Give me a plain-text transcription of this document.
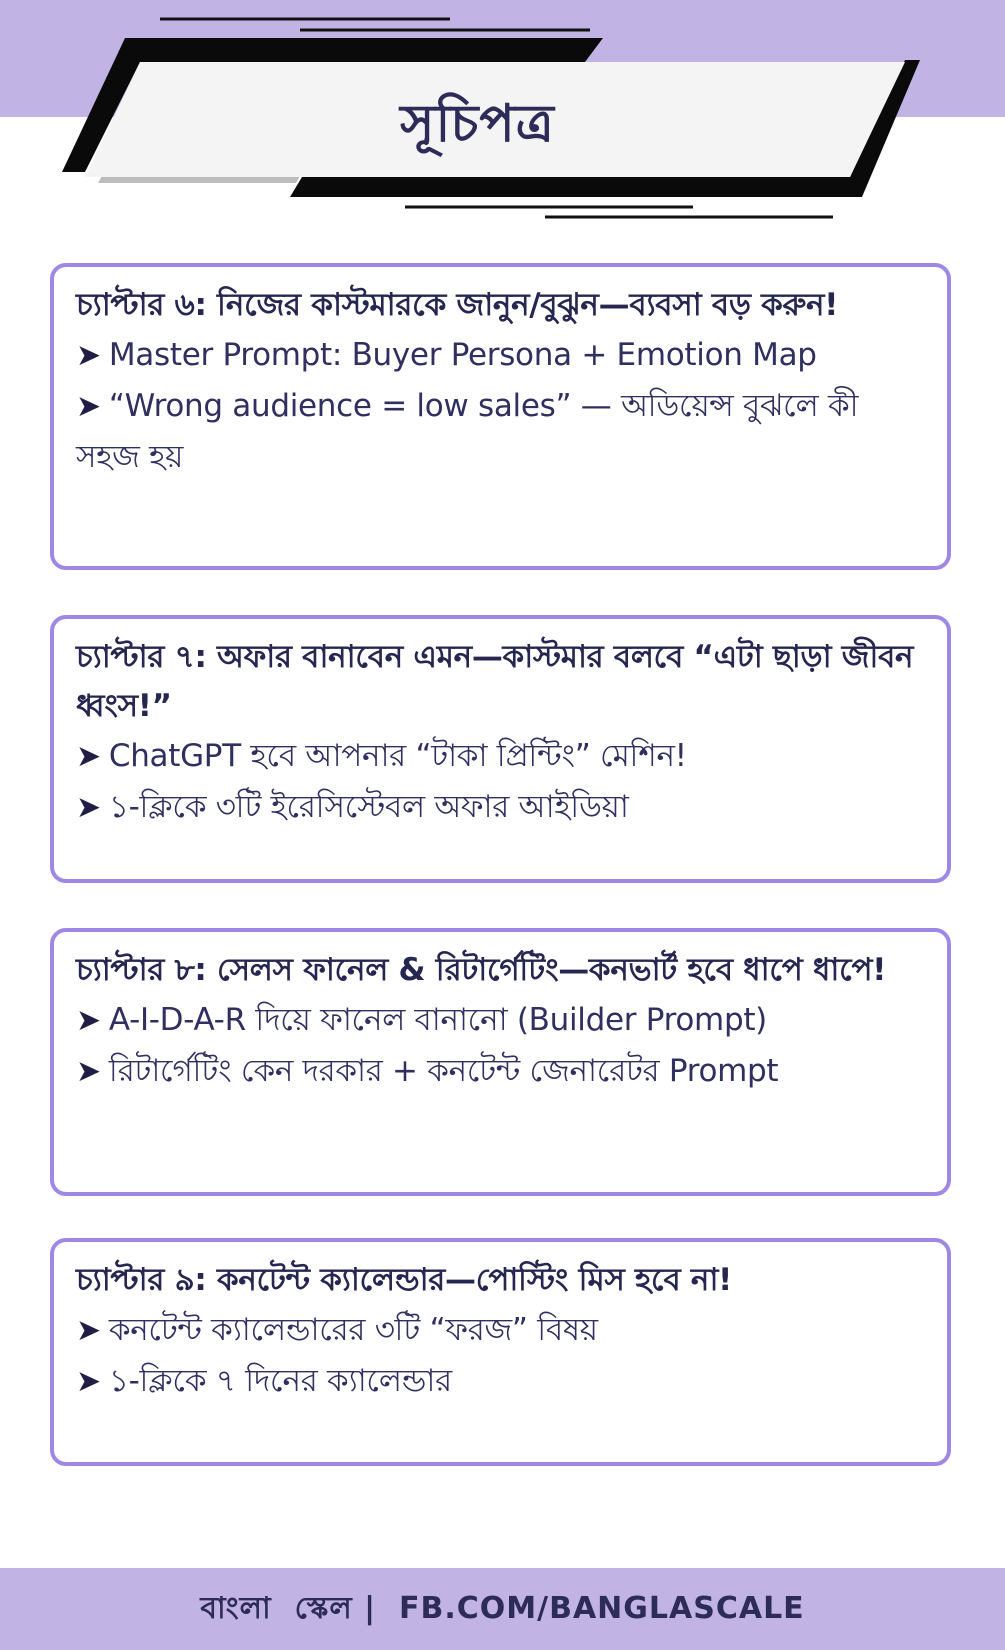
সূচিপত্র
চ্যাপ্টার ৬: নিজের কাস্টমারকে জানুন/বুঝুন—ব্যবসা বড় করুন!
➤ Master Prompt: Buyer Persona + Emotion Map
➤ “Wrong audience = low sales” — অডিয়েন্স বুঝলে কী সহজ হয়
চ্যাপ্টার ৭: অফার বানাবেন এমন—কাস্টমার বলবে “এটা ছাড়া জীবন ধ্বংস!”
➤ ChatGPT হবে আপনার “টাকা প্রিন্টিং” মেশিন!
➤ ১-ক্লিকে ৩টি ইরেসিস্টেবল অফার আইডিয়া
চ্যাপ্টার ৮: সেলস ফানেল & রিটার্গেটিং—কনভার্ট হবে ধাপে ধাপে!
➤ A-I-D-A-R দিয়ে ফানেল বানানো (Builder Prompt)
➤ রিটার্গেটিং কেন দরকার + কনটেন্ট জেনারেটর Prompt
চ্যাপ্টার ৯: কনটেন্ট ক্যালেন্ডার—পোস্টিং মিস হবে না!
➤ কনটেন্ট ক্যালেন্ডারের ৩টি “ফরজ” বিষয়
➤ ১-ক্লিকে ৭ দিনের ক্যালেন্ডার
বাংলা  স্কেল |  FB.COM/BANGLASCALE
